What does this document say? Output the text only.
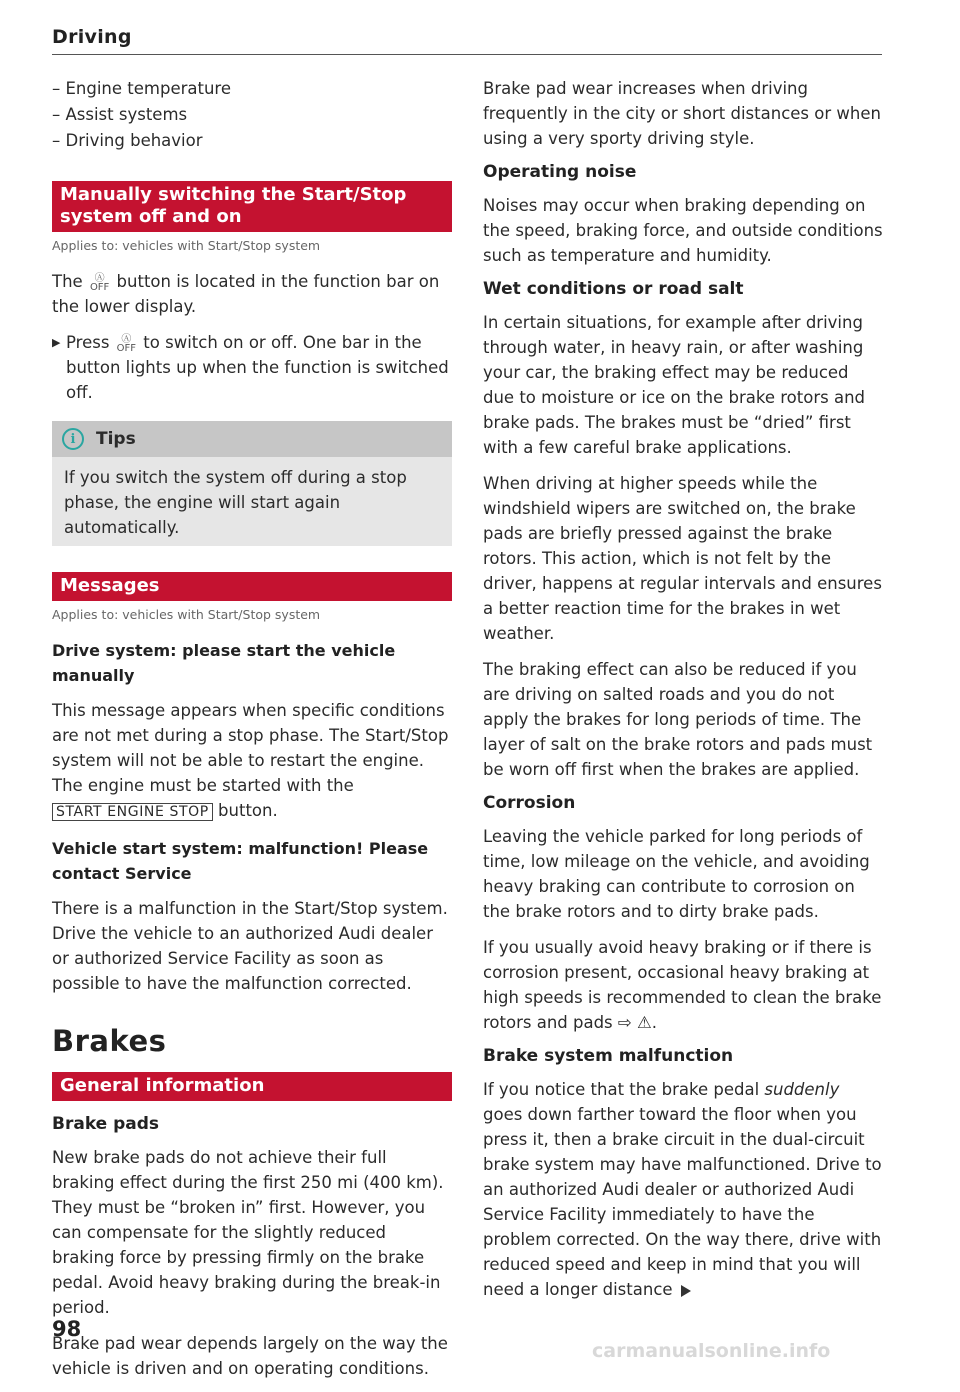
Driving

– Engine temperature

– Assist systems

– Driving behavior

Manually switching the Start/Stop system off and on
Applies to: vehicles with Start/Stop system

The Ⓐ
OFF button is located in the function bar on the lower display.

▶ Press Ⓐ
OFF to switch on or off. One bar in the button lights up when the function is switched off.

i	Tips
If you switch the system off during a stop phase, the engine will start again automatically.
Messages
Applies to: vehicles with Start/Stop system
Drive system: please start the vehicle manually

This message appears when specific conditions are not met during a stop phase. The Start/Stop system will not be able to restart the engine. The engine must be started with the
START ENGINE STOP button.

Vehicle start system: malfunction! Please contact Service

There is a malfunction in the Start/Stop system. Drive the vehicle to an authorized Audi dealer or authorized Service Facility as soon as possible to have the malfunction corrected.

Brakes
General information
Brake pads

New brake pads do not achieve their full braking effect during the first 250 mi (400 km). They must be “broken in” first. However, you can compensate for the slightly reduced braking force by pressing firmly on the brake pedal. Avoid heavy braking during the break-in period.

Brake pad wear depends largely on the way the vehicle is driven and on operating conditions.

Brake pad wear increases when driving frequently in the city or short distances or when using a very sporty driving style.

Operating noise

Noises may occur when braking depending on the speed, braking force, and outside conditions such as temperature and humidity.

Wet conditions or road salt

In certain situations, for example after driving through water, in heavy rain, or after washing your car, the braking effect may be reduced due to moisture or ice on the brake rotors and brake pads. The brakes must be “dried” first with a few careful brake applications.

When driving at higher speeds while the windshield wipers are switched on, the brake pads are briefly pressed against the brake rotors. This action, which is not felt by the driver, happens at regular intervals and ensures a better reaction time for the brakes in wet weather.

The braking effect can also be reduced if you are driving on salted roads and you do not apply the brakes for long periods of time. The layer of salt on the brake rotors and pads must be worn off first when the brakes are applied.

Corrosion

Leaving the vehicle parked for long periods of time, low mileage on the vehicle, and avoiding heavy braking can contribute to corrosion on the brake rotors and to dirty brake pads.

If you usually avoid heavy braking or if there is corrosion present, occasional heavy braking at high speeds is recommended to clean the brake rotors and pads ⇨ ⚠.

Brake system malfunction

If you notice that the brake pedal suddenly goes down farther toward the floor when you press it, then a brake circuit in the dual-circuit brake system may have malfunctioned. Drive to an authorized Audi dealer or authorized Audi Service Facility immediately to have the problem corrected. On the way there, drive with reduced speed and keep in mind that you will need a longer distance

98
carmanualsonline.info
